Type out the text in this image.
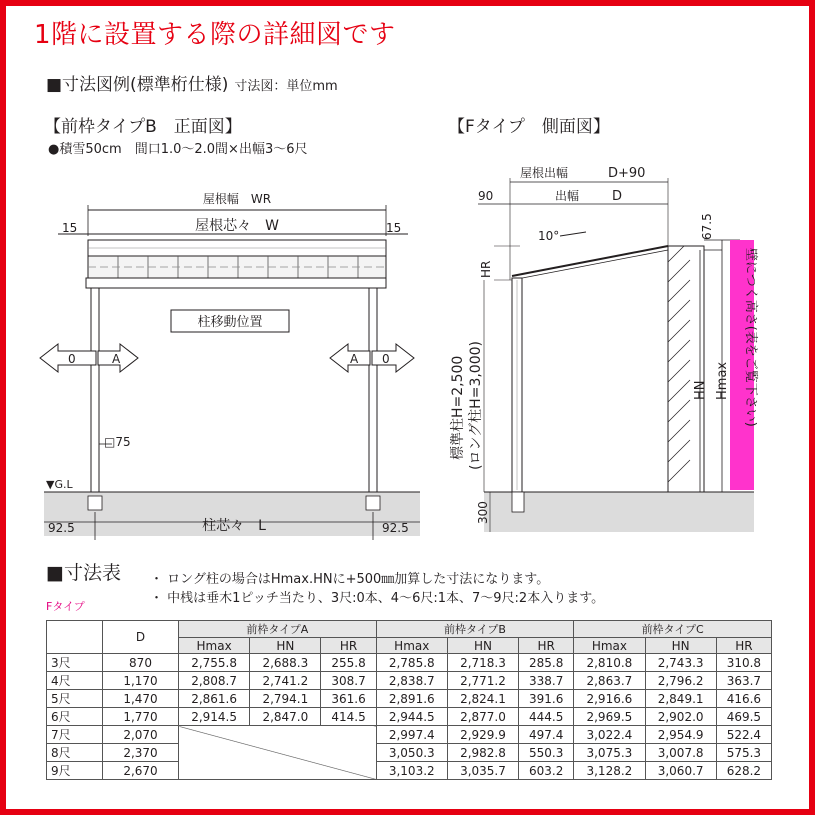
1階に設置する際の詳細図です
■寸法図例(標準桁仕様) 寸法図：単位mm
【前枠タイプB　正面図】	【Fタイプ　側面図】
●積雪50cm　間口1.0～2.0間×出幅3～6尺
屋根幅　WR
屋根芯々　W
15	15
柱移動位置
0	A	A 0
□75
▼G.L
92.5	92.5
柱芯々　L
屋根出幅	D+90
90	出幅	D
10°	67.5
HR
HN Hmax 壁につく高さ(表をご覧下さい)
標準柱H=2,500 (ロング柱H=3,000)
300
■寸法表 ・ ロング柱の場合はHmax.HNに+500㎜加算した寸法になります。
・ 中桟は垂木1ピッチ当たり、3尺:0本、4～6尺:1本、7～9尺:2本入ります。
Fタイプ
	D	前枠タイプA			前枠タイプB			前枠タイプC		
		Hmax	HN	HR	Hmax	HN	HR	Hmax	HN	HR
3尺	870	2,755.8	2,688.3	255.8	2,785.8	2,718.3	285.8	2,810.8	2,743.3	310.8
4尺	1,170	2,808.7	2,741.2	308.7	2,838.7	2,771.2	338.7	2,863.7	2,796.2	363.7
5尺	1,470	2,861.6	2,794.1	361.6	2,891.6	2,824.1	391.6	2,916.6	2,849.1	416.6
6尺	1,770	2,914.5	2,847.0	414.5	2,944.5	2,877.0	444.5	2,969.5	2,902.0	469.5
7尺	2,070				2,997.4	2,929.9	497.4	3,022.4	2,954.9	522.4
8尺	2,370				3,050.3	2,982.8	550.3	3,075.3	3,007.8	575.3
9尺	2,670				3,103.2	3,035.7	603.2	3,128.2	3,060.7	628.2
